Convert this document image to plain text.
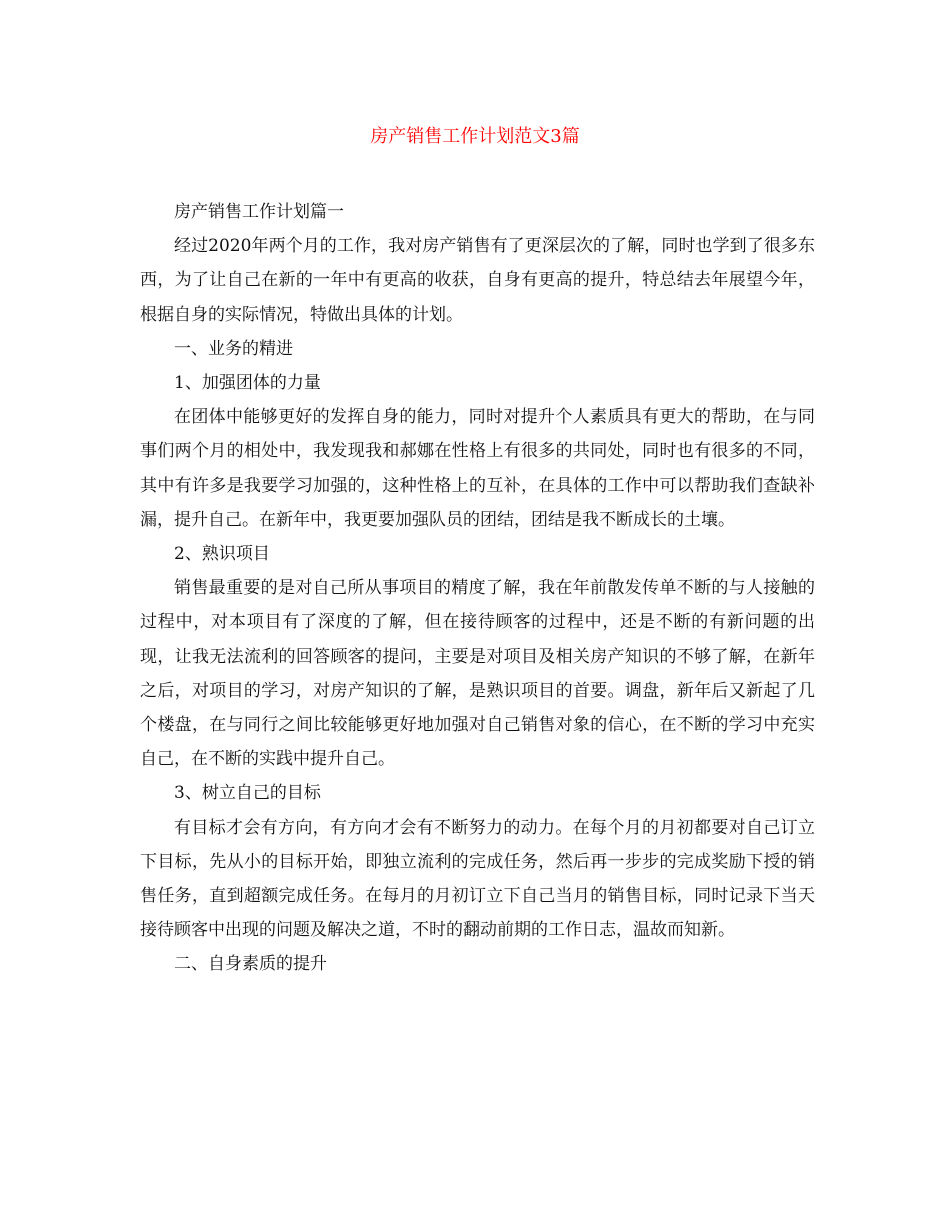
房产销售工作计划范文3篇

房产销售工作计划篇一

经过2020年两个月的工作，我对房产销售有了更深层次的了解，同时也学到了很多东西，为了让自己在新的一年中有更高的收获，自身有更高的提升，特总结去年展望今年，根据自身的实际情况，特做出具体的计划。

一、业务的精进

1、加强团体的力量

在团体中能够更好的发挥自身的能力，同时对提升个人素质具有更大的帮助，在与同事们两个月的相处中，我发现我和郝娜在性格上有很多的共同处，同时也有很多的不同，其中有许多是我要学习加强的，这种性格上的互补，在具体的工作中可以帮助我们查缺补漏，提升自己。在新年中，我更要加强队员的团结，团结是我不断成长的土壤。

2、熟识项目

销售最重要的是对自己所从事项目的精度了解，我在年前散发传单不断的与人接触的过程中，对本项目有了深度的了解，但在接待顾客的过程中，还是不断的有新问题的出现，让我无法流利的回答顾客的提问，主要是对项目及相关房产知识的不够了解，在新年之后，对项目的学习，对房产知识的了解，是熟识项目的首要。调盘，新年后又新起了几个楼盘，在与同行之间比较能够更好地加强对自己销售对象的信心，在不断的学习中充实自己，在不断的实践中提升自己。

3、树立自己的目标

有目标才会有方向，有方向才会有不断努力的动力。在每个月的月初都要对自己订立下目标，先从小的目标开始，即独立流利的完成任务，然后再一步步的完成奖励下授的销售任务，直到超额完成任务。在每月的月初订立下自己当月的销售目标，同时记录下当天接待顾客中出现的问题及解决之道，不时的翻动前期的工作日志，温故而知新。

二、自身素质的提升
